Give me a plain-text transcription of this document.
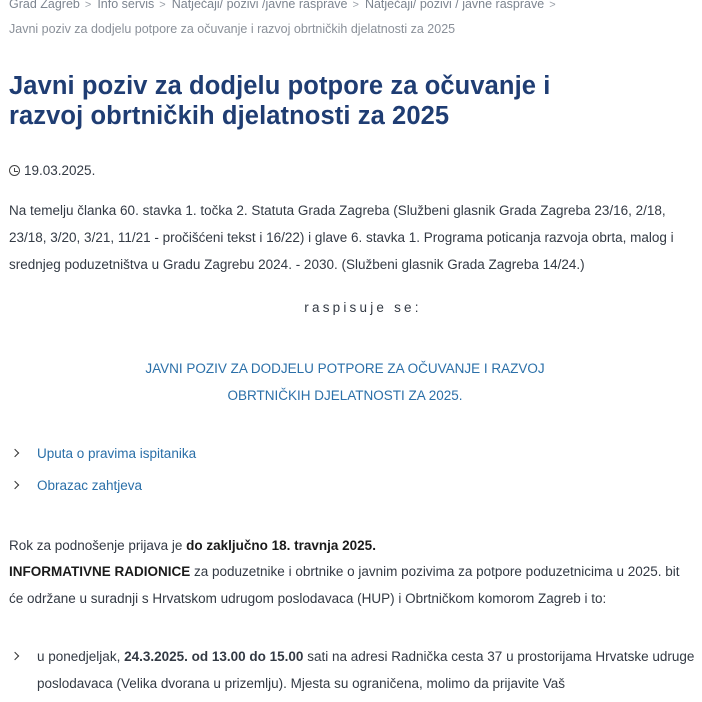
Grad Zagreb > Info servis > Natječaji/ pozivi /javne rasprave > Natječaji/ pozivi / javne rasprave >
Javni poziv za dodjelu potpore za očuvanje i razvoj obrtničkih djelatnosti za 2025
Javni poziv za dodjelu potpore za očuvanje i razvoj obrtničkih djelatnosti za 2025
19.03.2025.

Na temelju članka 60. stavka 1. točka 2. Statuta Grada Zagreba (Službeni glasnik Grada Zagreba 23/16, 2/18, 23/18, 3/20, 3/21, 11/21 - pročišćeni tekst i 16/22) i glave 6. stavka 1. Programa poticanja razvoja obrta, malog i srednjeg poduzetništva u Gradu Zagrebu 2024. - 2030. (Službeni glasnik Grada Zagreba 14/24.)

raspisuje se:
JAVNI POZIV ZA DODJELU POTPORE ZA OČUVANJE I RAZVOJ
OBRTNIČKIH DJELATNOSTI ZA 2025.
Uputa o pravima ispitanika
Obrazac zahtjeva

Rok za podnošenje prijava je do zaključno 18. travnja 2025.

INFORMATIVNE RADIONICE za poduzetnike i obrtnike o javnim pozivima za potpore poduzetnicima u 2025. bit će održane u suradnji s Hrvatskom udrugom poslodavaca (HUP) i Obrtničkom komorom Zagreb i to:

u ponedjeljak, 24.3.2025. od 13.00 do 15.00 sati na adresi Radnička cesta 37 u prostorijama Hrvatske udruge poslodavaca (Velika dvorana u prizemlju). Mjesta su ograničena, molimo da prijavite Vaš
